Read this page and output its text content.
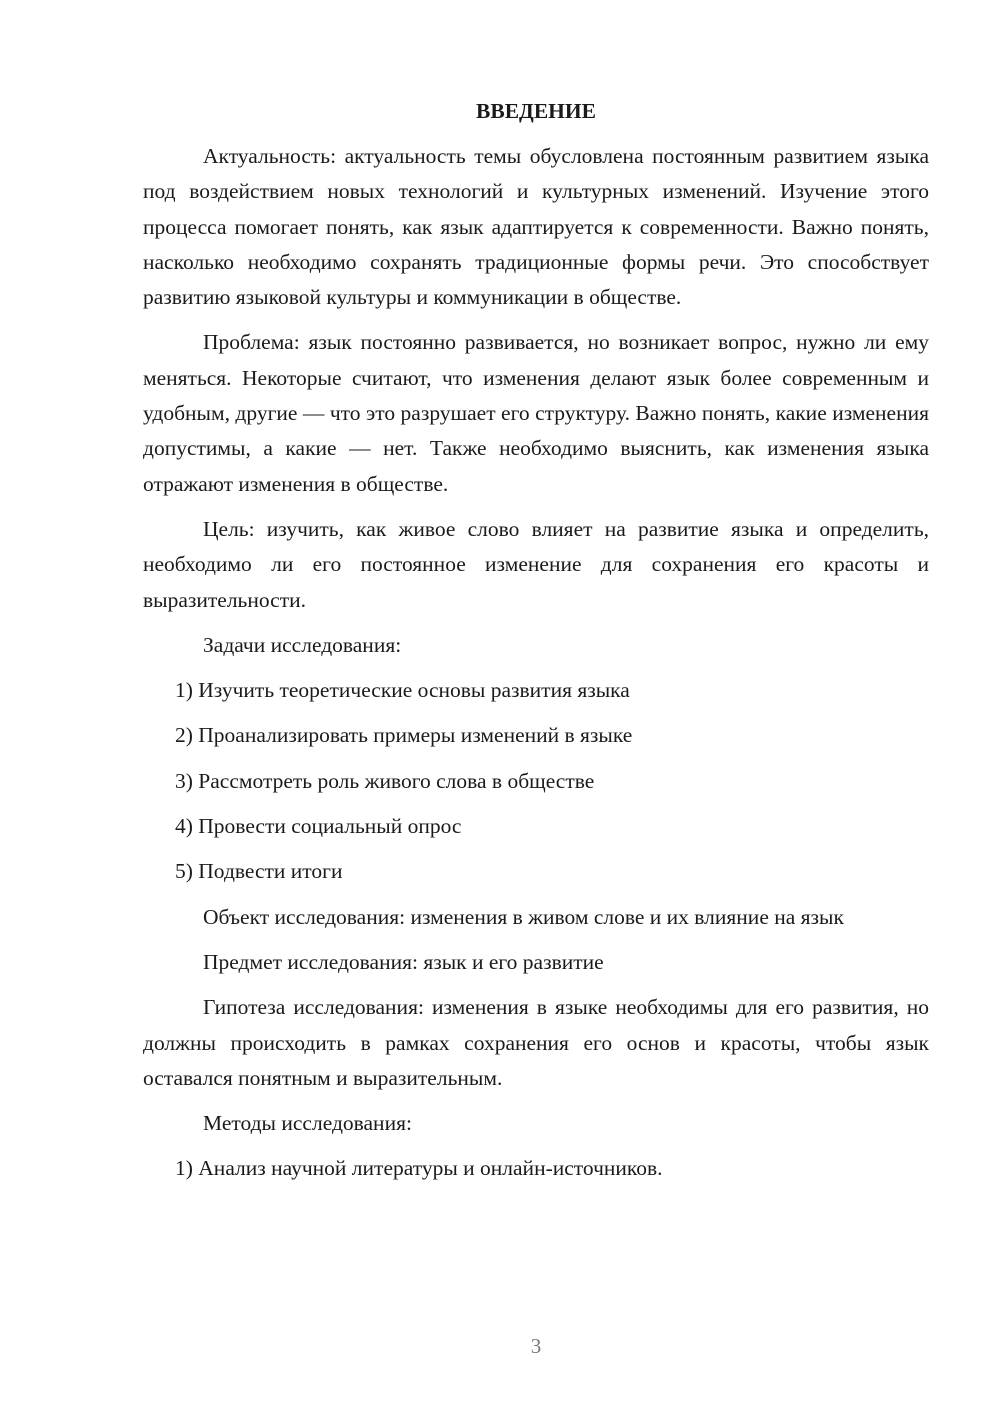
ВВЕДЕНИЕ

Актуальность: актуальность темы обусловлена постоянным развитием языка под воздействием новых технологий и культурных изменений. Изучение этого процесса помогает понять, как язык адаптируется к современности. Важно понять, насколько необходимо сохранять традиционные формы речи. Это способствует развитию языковой культуры и коммуникации в обществе.

Проблема: язык постоянно развивается, но возникает вопрос, нужно ли ему меняться. Некоторые считают, что изменения делают язык более современным и удобным, другие — что это разрушает его структуру. Важно понять, какие изменения допустимы, а какие — нет. Также необходимо выяснить, как изменения языка отражают изменения в обществе.

Цель: изучить, как живое слово влияет на развитие языка и определить, необходимо ли его постоянное изменение для сохранения его красоты и выразительности.

Задачи исследования:

1) Изучить теоретические основы развития языка

2) Проанализировать примеры изменений в языке

3) Рассмотреть роль живого слова в обществе

4) Провести социальный опрос

5) Подвести итоги

Объект исследования: изменения в живом слове и их влияние на язык

Предмет исследования: язык и его развитие

Гипотеза исследования: изменения в языке необходимы для его развития, но должны происходить в рамках сохранения его основ и красоты, чтобы язык оставался понятным и выразительным.

Методы исследования:

1) Анализ научной литературы и онлайн-источников.

3
